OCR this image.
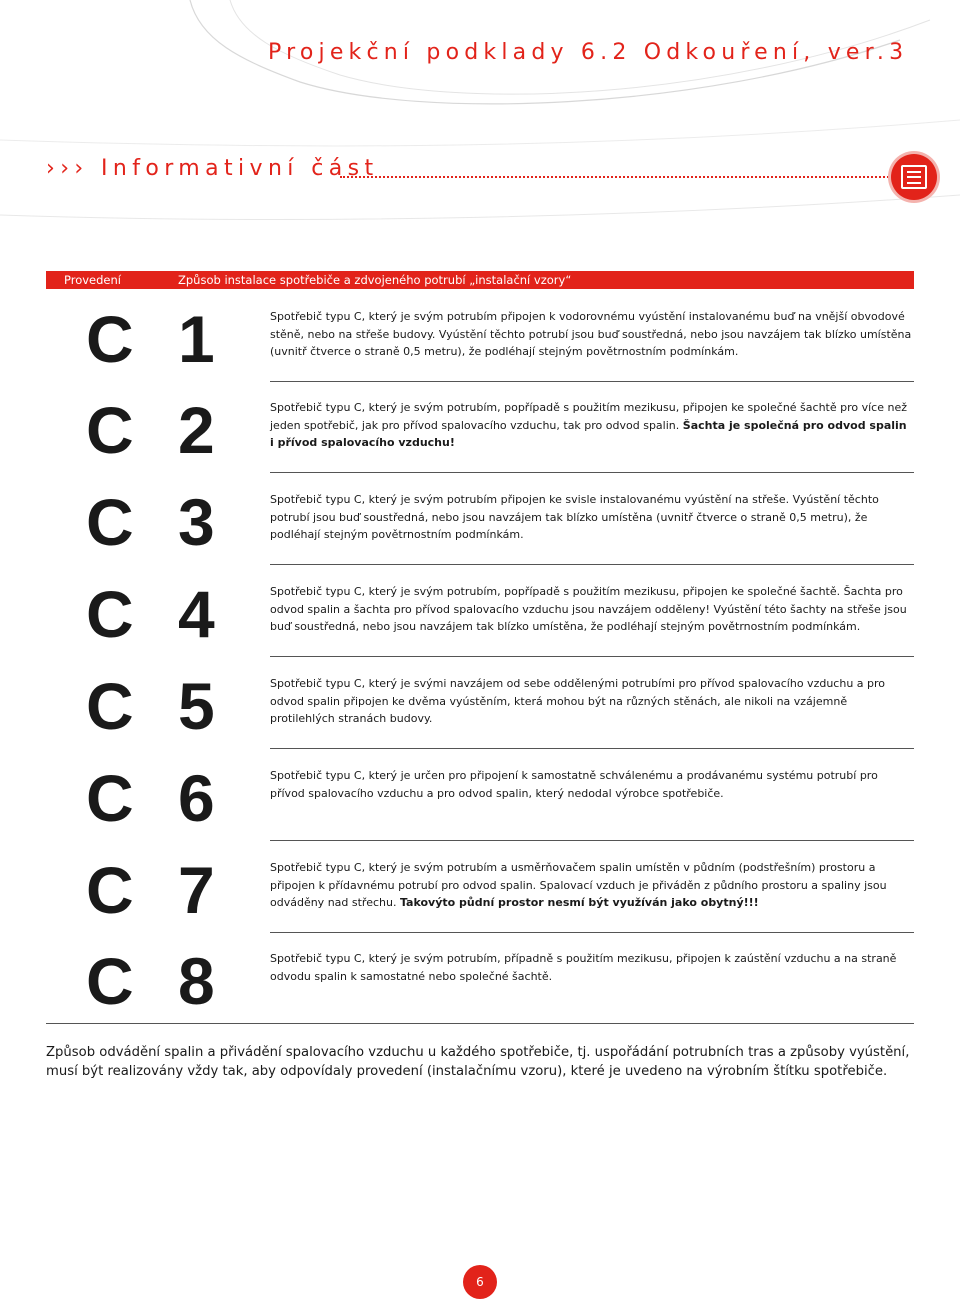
Projekční podklady 6.2 Odkouření, ver.3
››› Informativní část
Provedení	Způsob instalace spotřebiče a zdvojeného potrubí „instalační vzory“
C 1	Spotřebič typu C, který je svým potrubím připojen k vodorovnému vyústění instalovanému buď na vnější obvodové stěně, nebo na střeše budovy. Vyústění těchto potrubí jsou buď soustředná, nebo jsou navzájem tak blízko umístěna (uvnitř čtverce o straně 0,5 metru), že podléhají stejným povětrnostním podmínkám.
C 2	Spotřebič typu C, který je svým potrubím, popřípadě s použitím mezikusu, připojen ke společné šachtě pro více než jeden spotřebič, jak pro přívod spalovacího vzduchu, tak pro odvod spalin. Šachta je společná pro odvod spalin i přívod spalovacího vzduchu!
C 3	Spotřebič typu C, který je svým potrubím připojen ke svisle instalovanému vyústění na střeše. Vyústění těchto potrubí jsou buď soustředná, nebo jsou navzájem tak blízko umístěna (uvnitř čtverce o straně 0,5 metru), že podléhají stejným povětrnostním podmínkám.
C 4	Spotřebič typu C, který je svým potrubím, popřípadě s použitím mezikusu, připojen ke společné šachtě. Šachta pro odvod spalin a šachta pro přívod spalovacího vzduchu jsou navzájem odděleny! Vyústění této šachty na střeše jsou buď soustředná, nebo jsou navzájem tak blízko umístěna, že podléhají stejným povětrnostním podmínkám.
C 5	Spotřebič typu C, který je svými navzájem od sebe oddělenými potrubími pro přívod spalovacího vzduchu a pro odvod spalin připojen ke dvěma vyústěním, která mohou být na různých stěnách, ale nikoli na vzájemně protilehlých stranách budovy.
C 6	Spotřebič typu C, který je určen pro připojení k samostatně schválenému a prodávanému systému potrubí pro přívod spalovacího vzduchu a pro odvod spalin, který nedodal výrobce spotřebiče.
C 7	Spotřebič typu C, který je svým potrubím a usměrňovačem spalin umístěn v půdním (podstřešním) prostoru a připojen k přídavnému potrubí pro odvod spalin. Spalovací vzduch je přiváděn z půdního prostoru a spaliny jsou odváděny nad střechu. Takovýto půdní prostor nesmí být využíván jako obytný!!!
C 8	Spotřebič typu C, který je svým potrubím, případně s použitím mezikusu, připojen k zaústění vzduchu a na straně odvodu spalin k samostatné nebo společné šachtě.
Způsob odvádění spalin a přivádění spalovacího vzduchu u každého spotřebiče, tj. uspořádání potrubních tras a způsoby vyústění, musí být realizovány vždy tak, aby odpovídaly provedení (instalačnímu vzoru), které je uvedeno na výrobním štítku spotřebiče.
6
